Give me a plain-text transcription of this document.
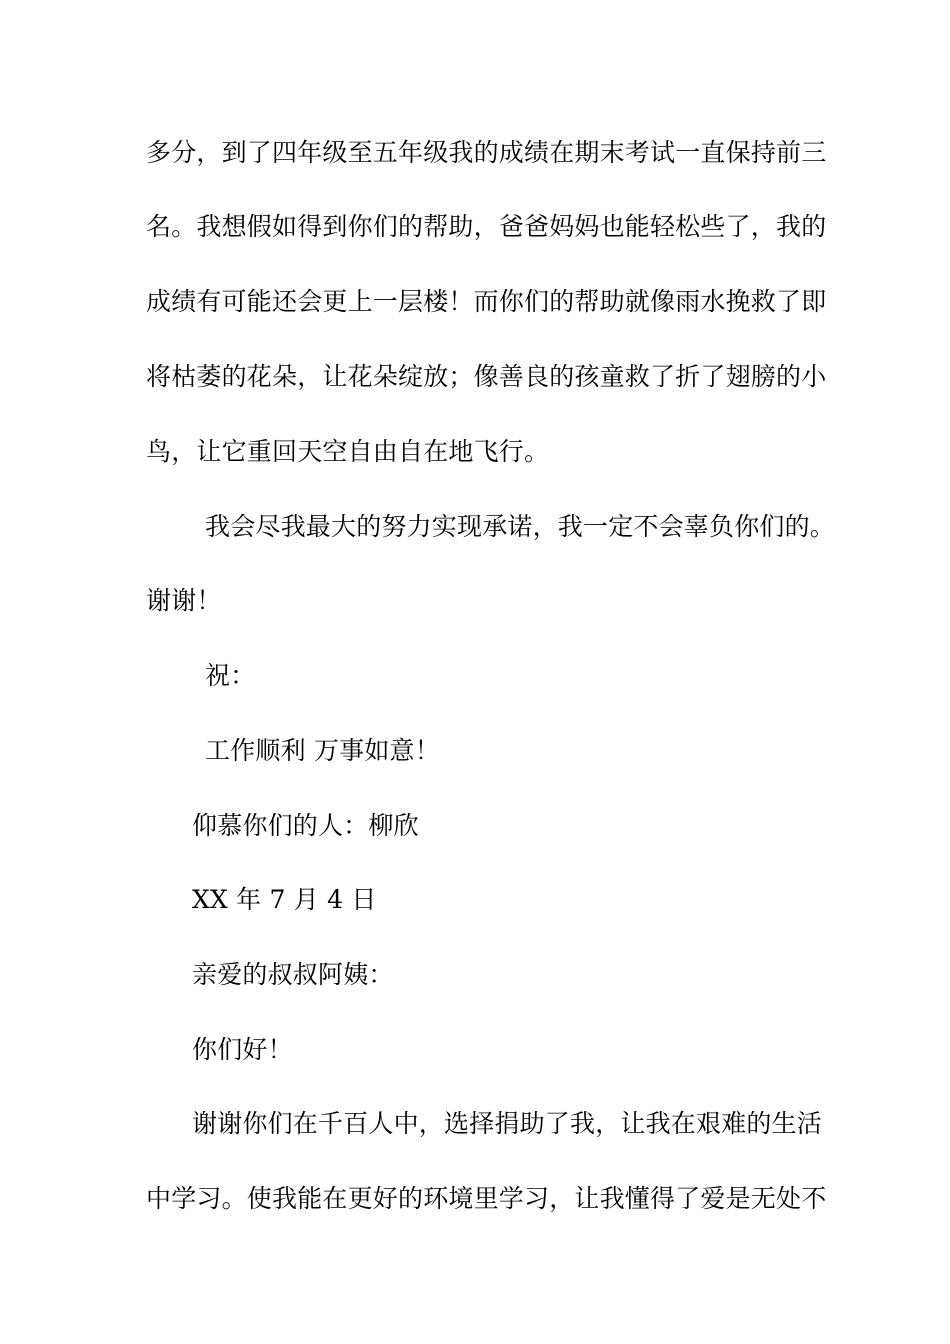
多分，到了四年级至五年级我的成绩在期末考试一直保持前三
名。我想假如得到你们的帮助，爸爸妈妈也能轻松些了，我的
成绩有可能还会更上一层楼！而你们的帮助就像雨水挽救了即
将枯萎的花朵，让花朵绽放；像善良的孩童救了折了翅膀的小
鸟，让它重回天空自由自在地飞行。
我会尽我最大的努力实现承诺，我一定不会辜负你们的。
谢谢！
祝：
工作顺利 万事如意！
仰慕你们的人：柳欣
XX 年 7 月 4 日
亲爱的叔叔阿姨：
你们好！
谢谢你们在千百人中，选择捐助了我，让我在艰难的生活
中学习。使我能在更好的环境里学习，让我懂得了爱是无处不
